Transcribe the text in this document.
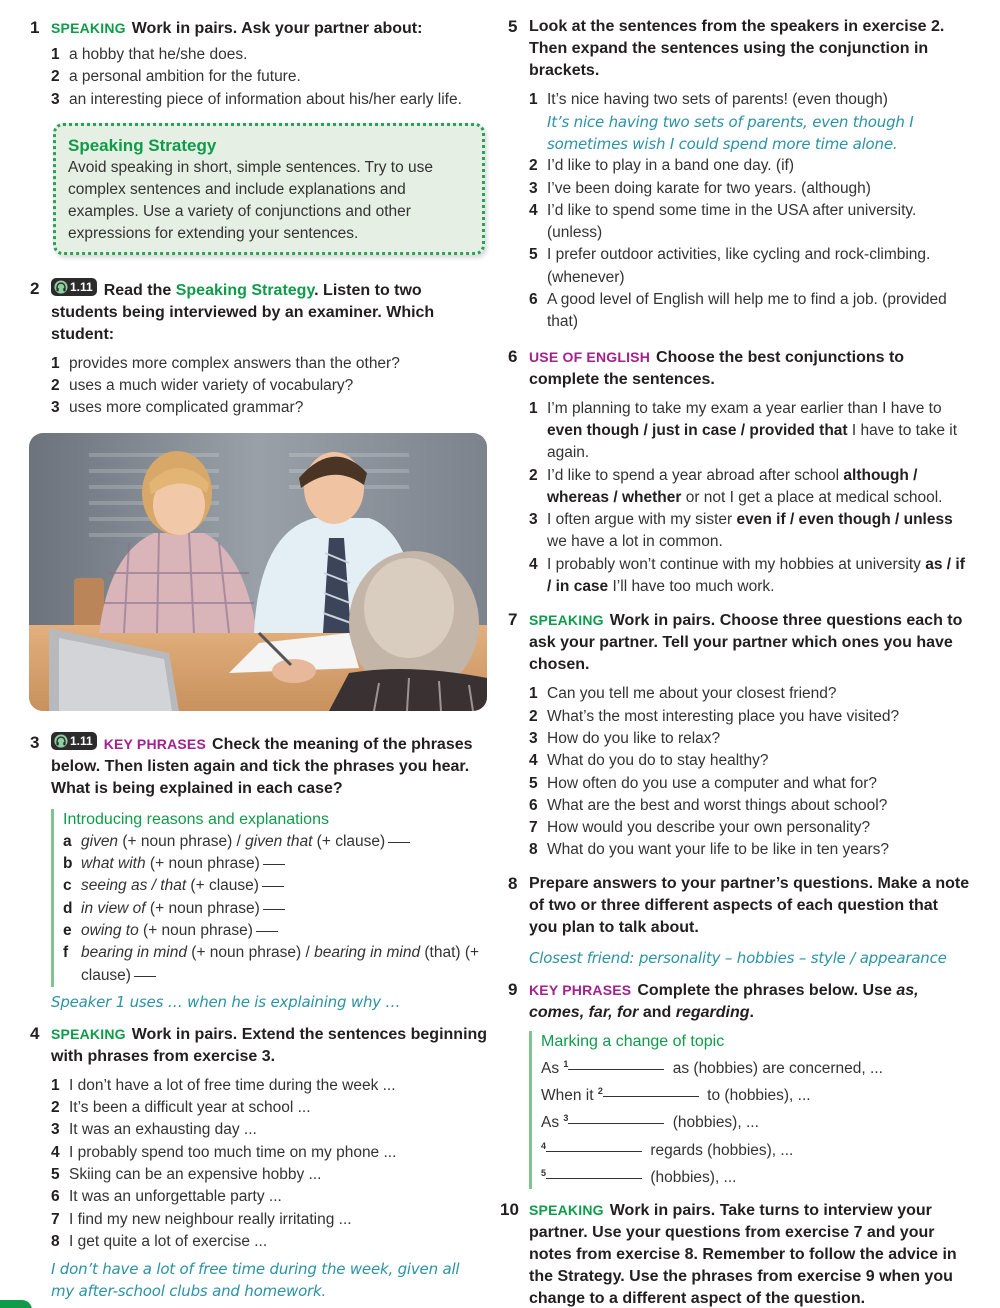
1 SPEAKING Work in pairs. Ask your partner about:
1 a hobby that he/she does.
2 a personal ambition for the future.
3 an interesting piece of information about his/her early life.
Speaking Strategy

Avoid speaking in short, simple sentences. Try to use complex sentences and include explanations and examples. Use a variety of conjunctions and other expressions for extending your sentences.

2	1.11 Read the Speaking Strategy. Listen to two students being interviewed by an examiner. Which student:
1 provides more complex answers than the other?
2 uses a much wider variety of vocabulary?
3 uses more complicated grammar?
3	1.11 KEY PHRASES Check the meaning of the phrases below. Then listen again and tick the phrases you hear. What is being explained in each case?
Introducing reasons and explanations
a given (+ noun phrase) / given that (+ clause)
b what with (+ noun phrase)
c seeing as / that (+ clause)
d in view of (+ noun phrase)
e owing to (+ noun phrase)
f bearing in mind (+ noun phrase) / bearing in mind (that) (+ clause)
Speaker 1 uses … when he is explaining why …
4 SPEAKING Work in pairs. Extend the sentences beginning with phrases from exercise 3.
1 I don’t have a lot of free time during the week ...
2 It’s been a difficult year at school ...
3 It was an exhausting day ...
4 I probably spend too much time on my phone ...
5 Skiing can be an expensive hobby ...
6 It was an unforgettable party ...
7 I find my new neighbour really irritating ...
8 I get quite a lot of exercise ...
I don’t have a lot of free time during the week, given all my after-school clubs and homework.
5 Look at the sentences from the speakers in exercise 2. Then expand the sentences using the conjunction in brackets.
1 It’s nice having two sets of parents! (even though)
It’s nice having two sets of parents, even though I sometimes wish I could spend more time alone.
2 I’d like to play in a band one day. (if)
3 I’ve been doing karate for two years. (although)
4 I’d like to spend some time in the USA after university. (unless)
5 I prefer outdoor activities, like cycling and rock-climbing. (whenever)
6 A good level of English will help me to find a job. (provided that)
6 USE OF ENGLISH Choose the best conjunctions to complete the sentences.
1 I’m planning to take my exam a year earlier than I have to even though / just in case / provided that I have to take it again.
2 I’d like to spend a year abroad after school although / whereas / whether or not I get a place at medical school.
3 I often argue with my sister even if / even though / unless we have a lot in common.
4 I probably won’t continue with my hobbies at university as / if / in case I’ll have too much work.
7 SPEAKING Work in pairs. Choose three questions each to ask your partner. Tell your partner which ones you have chosen.
1 Can you tell me about your closest friend?
2 What’s the most interesting place you have visited?
3 How do you like to relax?
4 What do you do to stay healthy?
5 How often do you use a computer and what for?
6 What are the best and worst things about school?
7 How would you describe your own personality?
8 What do you want your life to be like in ten years?
8 Prepare answers to your partner’s questions. Make a note of two or three different aspects of each question that you plan to talk about.
Closest friend: personality – hobbies – style / appearance
9 KEY PHRASES Complete the phrases below. Use as, comes, far, for and regarding.
Marking a change of topic
As $^1$	as (hobbies) are concerned, ...
When it $^2$	to (hobbies), ...
As $^3$	(hobbies), ...
$^4$	regards (hobbies), ...
$^5$	(hobbies), ...
10 SPEAKING Work in pairs. Take turns to interview your partner. Use your questions from exercise 7 and your notes from exercise 8. Remember to follow the advice in the Strategy. Use the phrases from exercise 9 when you change to a different aspect of the question.
